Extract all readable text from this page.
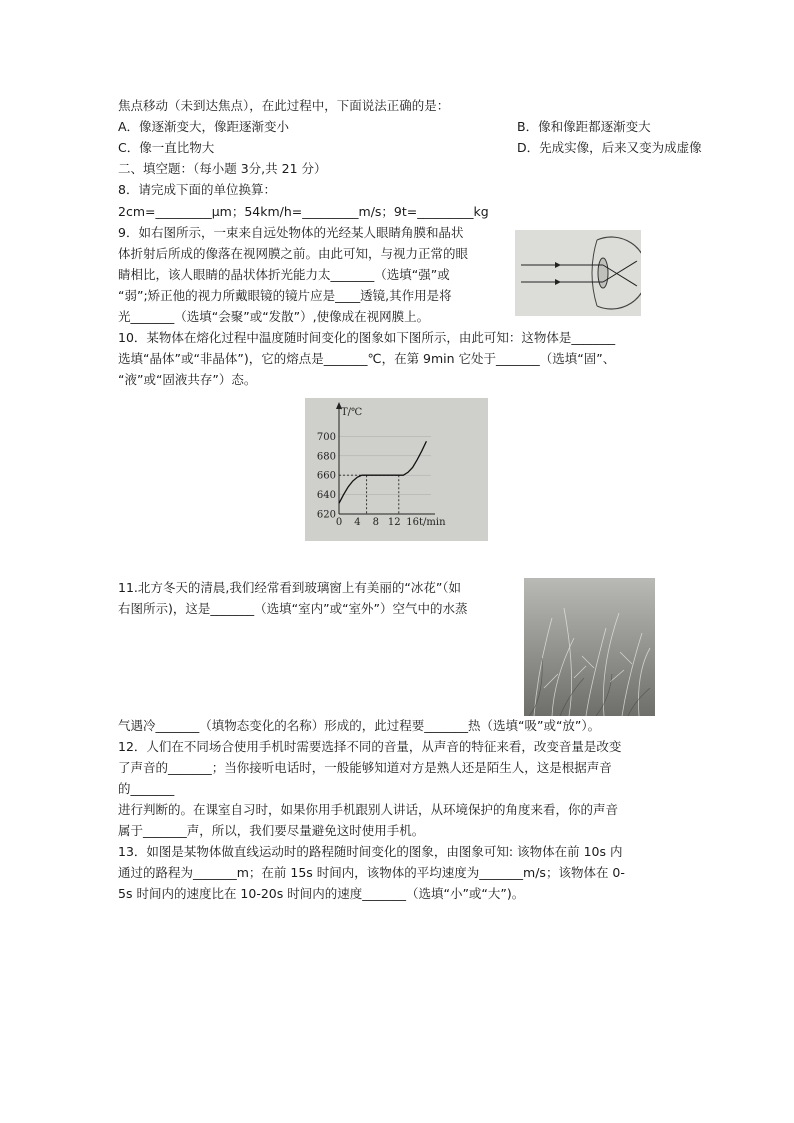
焦点移动（未到达焦点），在此过程中，下面说法正确的是：
A．像逐渐变大，像距逐渐变小	B．像和像距都逐渐变大
C．像一直比物大	D．先成实像，后来又变为成虚像
二、填空题：（每小题 3分,共 21 分）
8．请完成下面的单位换算：
2cm=_________μm；54km/h=_________m/s；9t=_________kg
9．如右图所示，一束来自远处物体的光经某人眼睛角膜和晶状
体折射后所成的像落在视网膜之前。由此可知，与视力正常的眼
睛相比，该人眼睛的晶状体折光能力太_______（选填“强”或
“弱”;矫正他的视力所戴眼镜的镜片应是____透镜,其作用是将
光_______（选填“会聚”或“发散”）,使像成在视网膜上。
10．某物体在熔化过程中温度随时间变化的图象如下图所示，由此可知：这物体是_______
选填“晶体”或“非晶体”)，它的熔点是_______℃，在第 9min 它处于_______（选填“固”、
“液”或“固液共存”）态。
620
640
660
680
700
0 4 8 12 16
T/℃
t/min
11.北方冬天的清晨,我们经常看到玻璃窗上有美丽的“冰花”（如
右图所示)，这是_______（选填“室内”或“室外”）空气中的水蒸
气遇冷_______（填物态变化的名称）形成的，此过程要_______热（选填“吸”或“放”）。
12．人们在不同场合使用手机时需要选择不同的音量，从声音的特征来看，改变音量是改变
了声音的_______；当你接听电话时，一般能够知道对方是熟人还是陌生人，这是根据声音
的_______
进行判断的。在课室自习时，如果你用手机跟别人讲话，从环境保护的角度来看，你的声音
属于_______声，所以，我们要尽量避免这时使用手机。
13．如图是某物体做直线运动时的路程随时间变化的图象，由图象可知: 该物体在前 10s 内
通过的路程为_______m；在前 15s 时间内，该物体的平均速度为_______m/s；该物体在 0-
5s 时间内的速度比在 10-20s 时间内的速度_______（选填“小”或“大”)。
